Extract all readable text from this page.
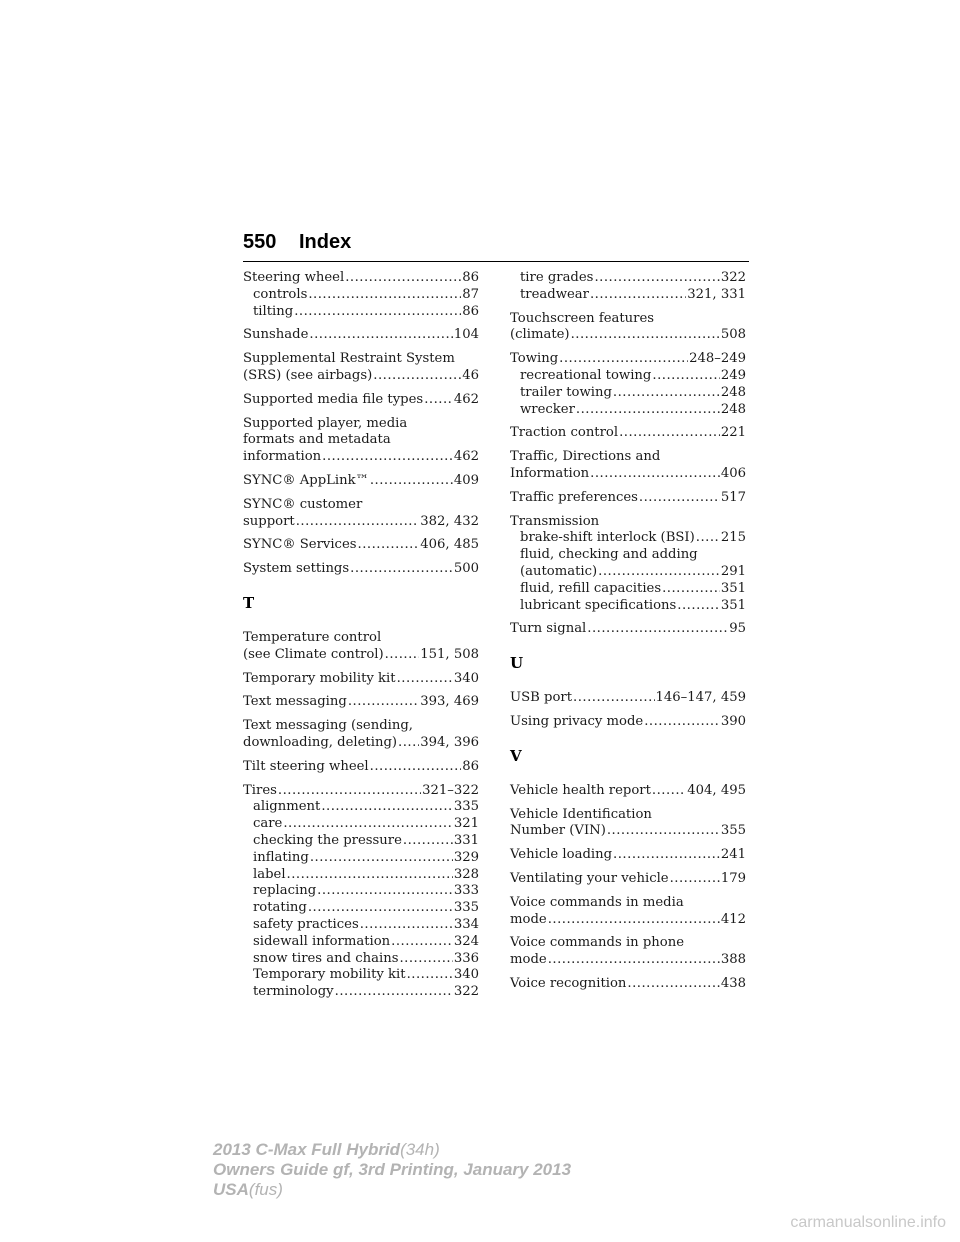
550 Index
Steering wheel .....	86
controls .....	87
tilting .....	86
Sunshade .....	104
Supplemental Restraint System
(SRS) (see airbags) .....	46
Supported media file types ..... 462
Supported player, media
formats and metadata
information .....	462
SYNC® AppLink™ .....	409
SYNC® customer
support .....	382, 432
SYNC® Services .....	406, 485
System settings .....	500
T
Temperature control
(see Climate control) .....	151, 508
Temporary mobility kit .....	340
Text messaging .....	393, 469
Text messaging (sending,
downloading, deleting) ..... 394, 396
Tilt steering wheel .....	86
Tires .....	321–322
alignment .....	335
care .....	321
checking the pressure .....	331
inflating .....	329
label .....	328
replacing .....	333
rotating .....	335
safety practices .....	334
sidewall information .....	324
snow tires and chains .....	336
Temporary mobility kit .....	340
terminology .....	322
tire grades .....	322
treadwear .....	321, 331
Touchscreen features
(climate) .....	508
Towing .....	248–249
recreational towing .....	249
trailer towing .....	248
wrecker .....	248
Traction control .....	221
Traffic, Directions and
Information .....	406
Traffic preferences .....	517
Transmission
brake-shift interlock (BSI) ..... 215
fluid, checking and adding
(automatic) .....	291
fluid, refill capacities .....	351
lubricant specifications .....	351
Turn signal .....	95
U
USB port .....	146–147, 459
Using privacy mode .....	390
V
Vehicle health report .....	404, 495
Vehicle Identification
Number (VIN) .....	355
Vehicle loading .....	241
Ventilating your vehicle .....	179
Voice commands in media
mode .....	412
Voice commands in phone
mode .....	388
Voice recognition .....	438
2013 C-Max Full Hybrid(34h)
Owners Guide gf, 3rd Printing, January 2013
USA(fus)
carmanualsonline.info
